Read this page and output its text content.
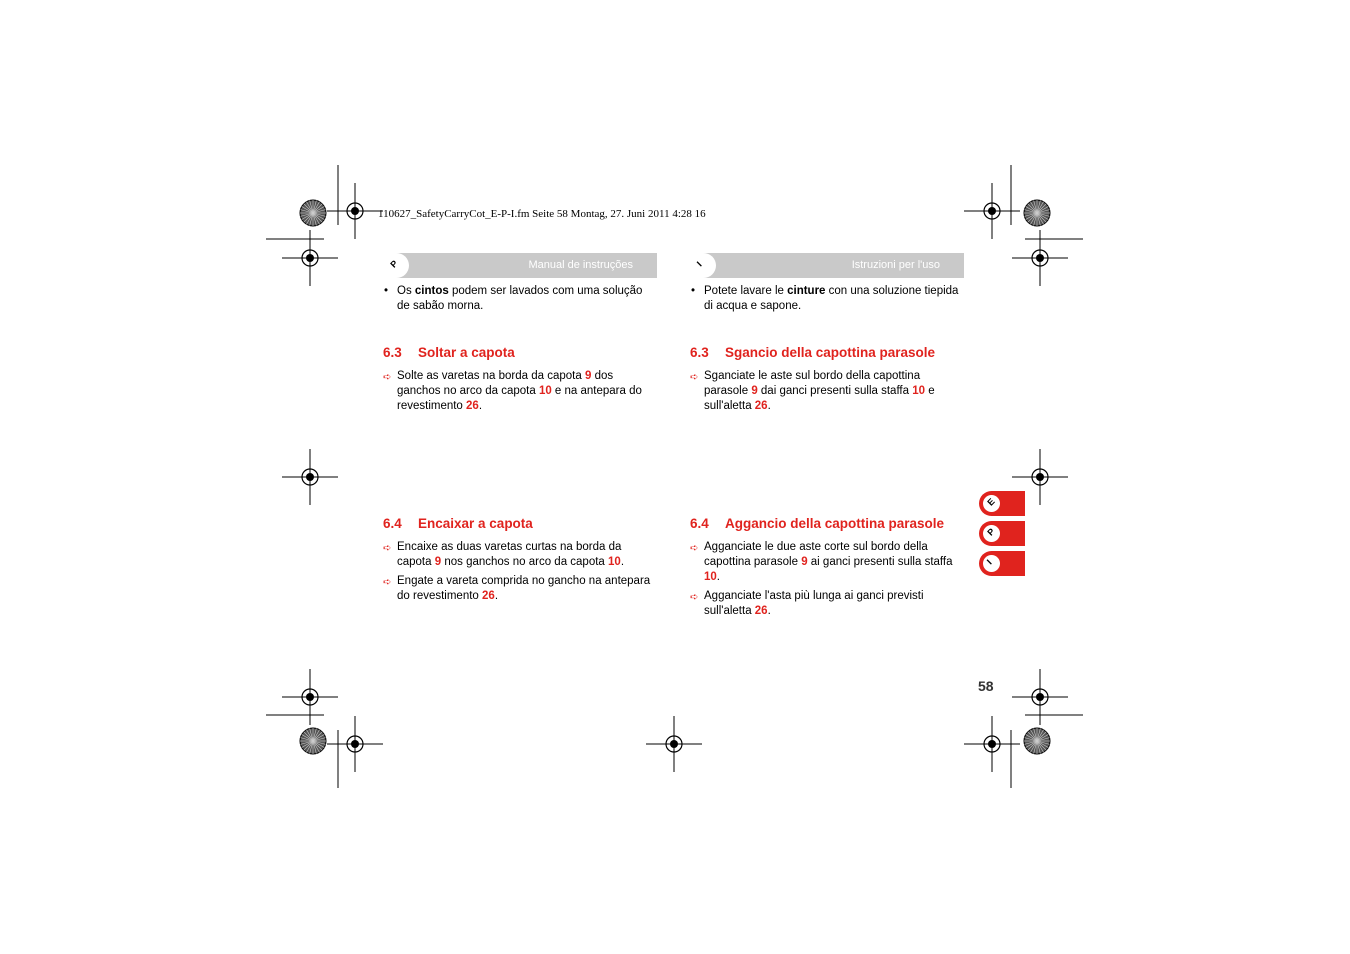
110627_SafetyCarryCot_E-P-I.fm Seite 58 Montag, 27. Juni 2011 4:28 16
P	Manual de instruções	I	Istruzioni per l'uso

• Os cintos podem ser lavados com uma solução de sabão morna.

6.3 Soltar a capota

➪ Solte as varetas na borda da capota 9 dos ganchos no arco da capota 10 e na antepara do revestimento 26.

6.4 Encaixar a capota

➪ Encaixe as duas varetas curtas na borda da capota 9 nos ganchos no arco da capota 10.

➪ Engate a vareta comprida no gancho na antepara do revestimento 26.

• Potete lavare le cinture con una soluzione tiepida di acqua e sapone.

6.3 Sgancio della capottina parasole

➪ Sganciate le aste sul bordo della capottina parasole 9 dai ganci presenti sulla staffa 10 e sull'aletta 26.

6.4 Aggancio della capottina parasole

➪ Agganciate le due aste corte sul bordo della capottina parasole 9 ai ganci presenti sulla staffa 10.

➪ Agganciate l'asta più lunga ai ganci previsti sull'aletta 26.

E
P
I
58
